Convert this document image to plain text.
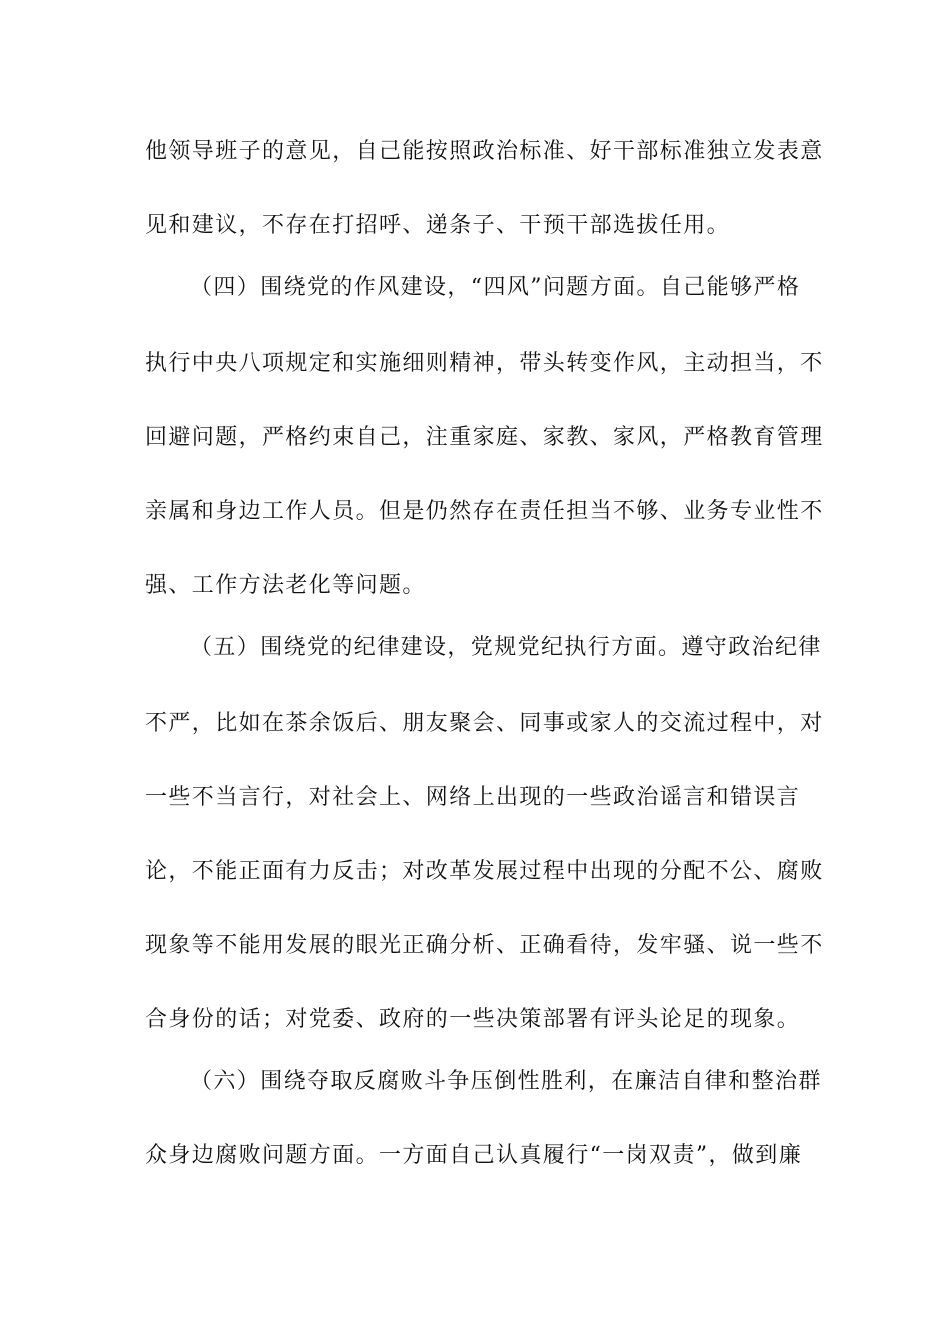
他领导班子的意见，自己能按照政治标准、好干部标准独立发表意
见和建议，不存在打招呼、递条子、干预干部选拔任用。
（四）围绕党的作风建设，“四风”问题方面。自己能够严格
执行中央八项规定和实施细则精神，带头转变作风，主动担当，不
回避问题，严格约束自己，注重家庭、家教、家风，严格教育管理
亲属和身边工作人员。但是仍然存在责任担当不够、业务专业性不
强、工作方法老化等问题。
（五）围绕党的纪律建设，党规党纪执行方面。遵守政治纪律
不严，比如在茶余饭后、朋友聚会、同事或家人的交流过程中，对
一些不当言行，对社会上、网络上出现的一些政治谣言和错误言
论，不能正面有力反击；对改革发展过程中出现的分配不公、腐败
现象等不能用发展的眼光正确分析、正确看待，发牢骚、说一些不
合身份的话；对党委、政府的一些决策部署有评头论足的现象。
（六）围绕夺取反腐败斗争压倒性胜利，在廉洁自律和整治群
众身边腐败问题方面。一方面自己认真履行“一岗双责”，做到廉
